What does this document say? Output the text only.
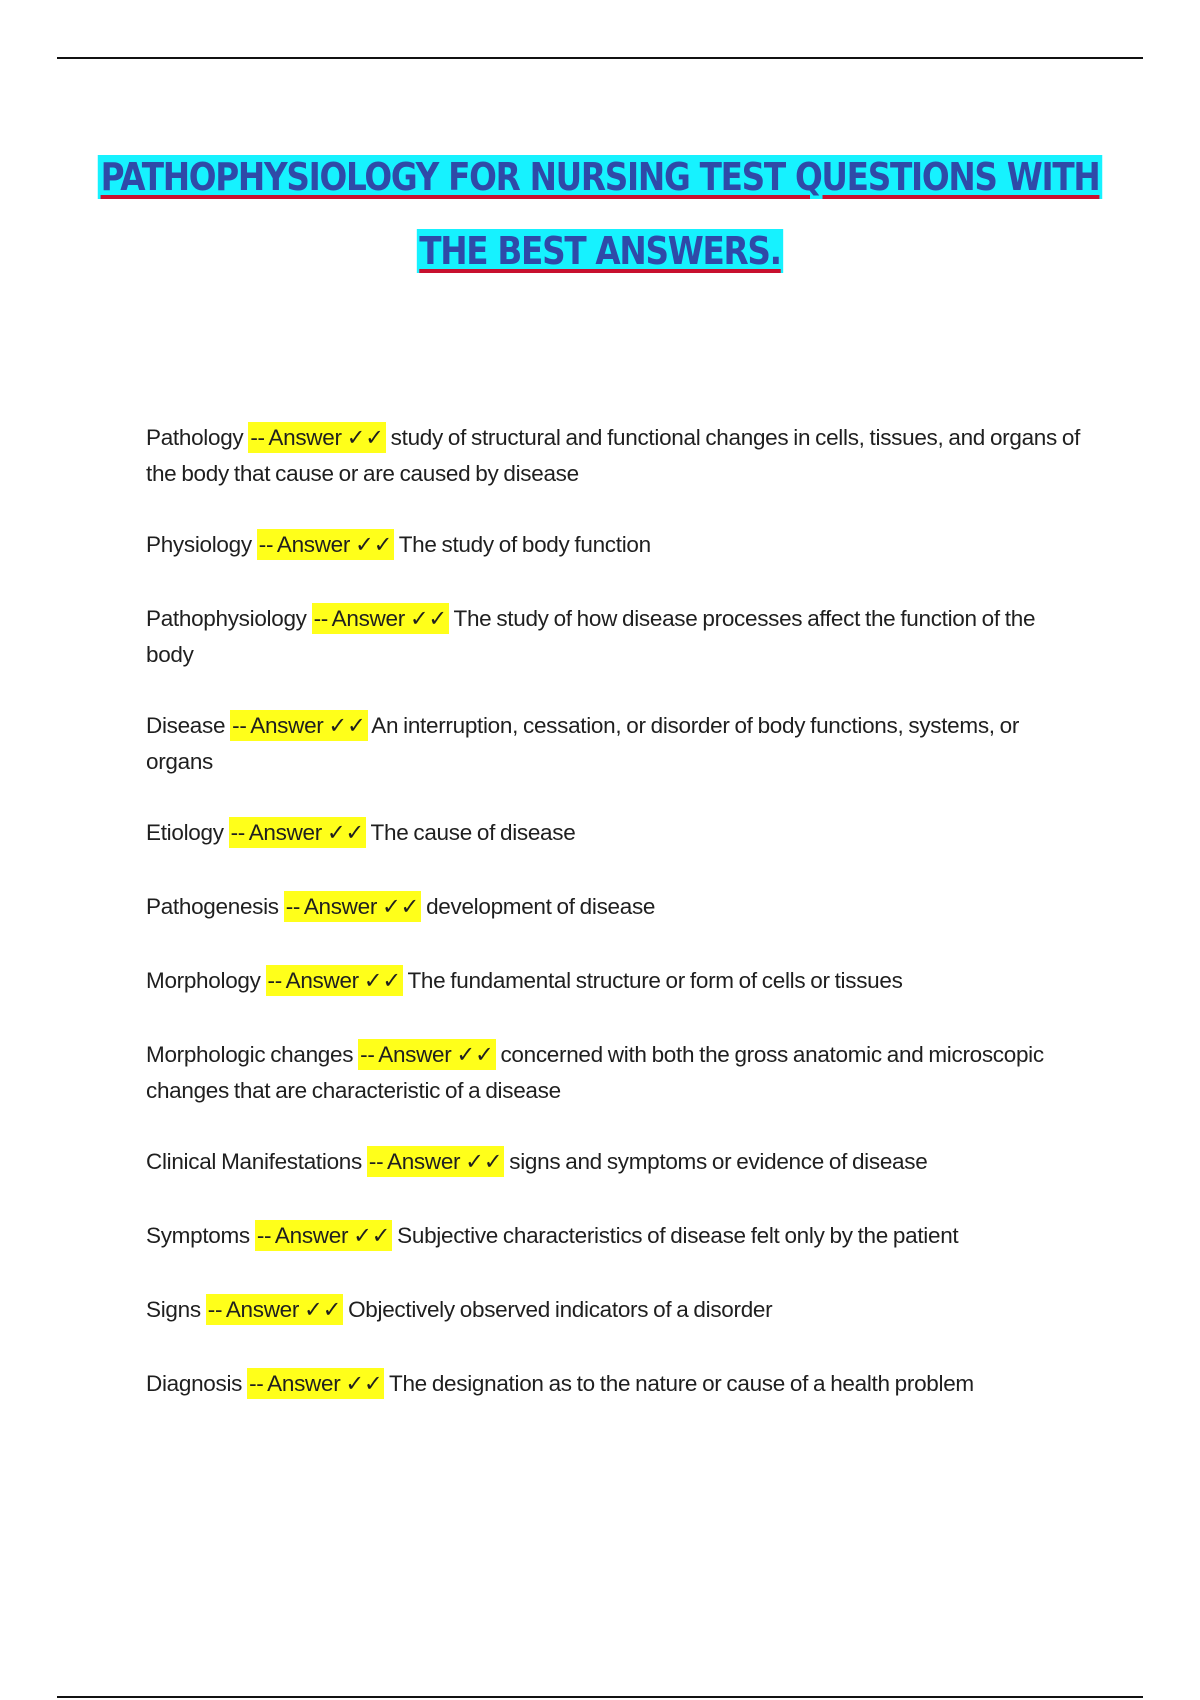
PATHOPHYSIOLOGY FOR NURSING TEST QUESTIONS WITH
THE BEST ANSWERS.
Pathology -- Answer ✓✓ study of structural and functional changes in cells, tissues, and organs of the body that cause or are caused by disease
Physiology -- Answer ✓✓ The study of body function
Pathophysiology -- Answer ✓✓ The study of how disease processes affect the function of the body
Disease -- Answer ✓✓ An interruption, cessation, or disorder of body functions, systems, or organs
Etiology -- Answer ✓✓ The cause of disease
Pathogenesis -- Answer ✓✓ development of disease
Morphology -- Answer ✓✓ The fundamental structure or form of cells or tissues
Morphologic changes -- Answer ✓✓ concerned with both the gross anatomic and microscopic changes that are characteristic of a disease
Clinical Manifestations -- Answer ✓✓ signs and symptoms or evidence of disease
Symptoms -- Answer ✓✓ Subjective characteristics of disease felt only by the patient
Signs -- Answer ✓✓ Objectively observed indicators of a disorder
Diagnosis -- Answer ✓✓ The designation as to the nature or cause of a health problem
